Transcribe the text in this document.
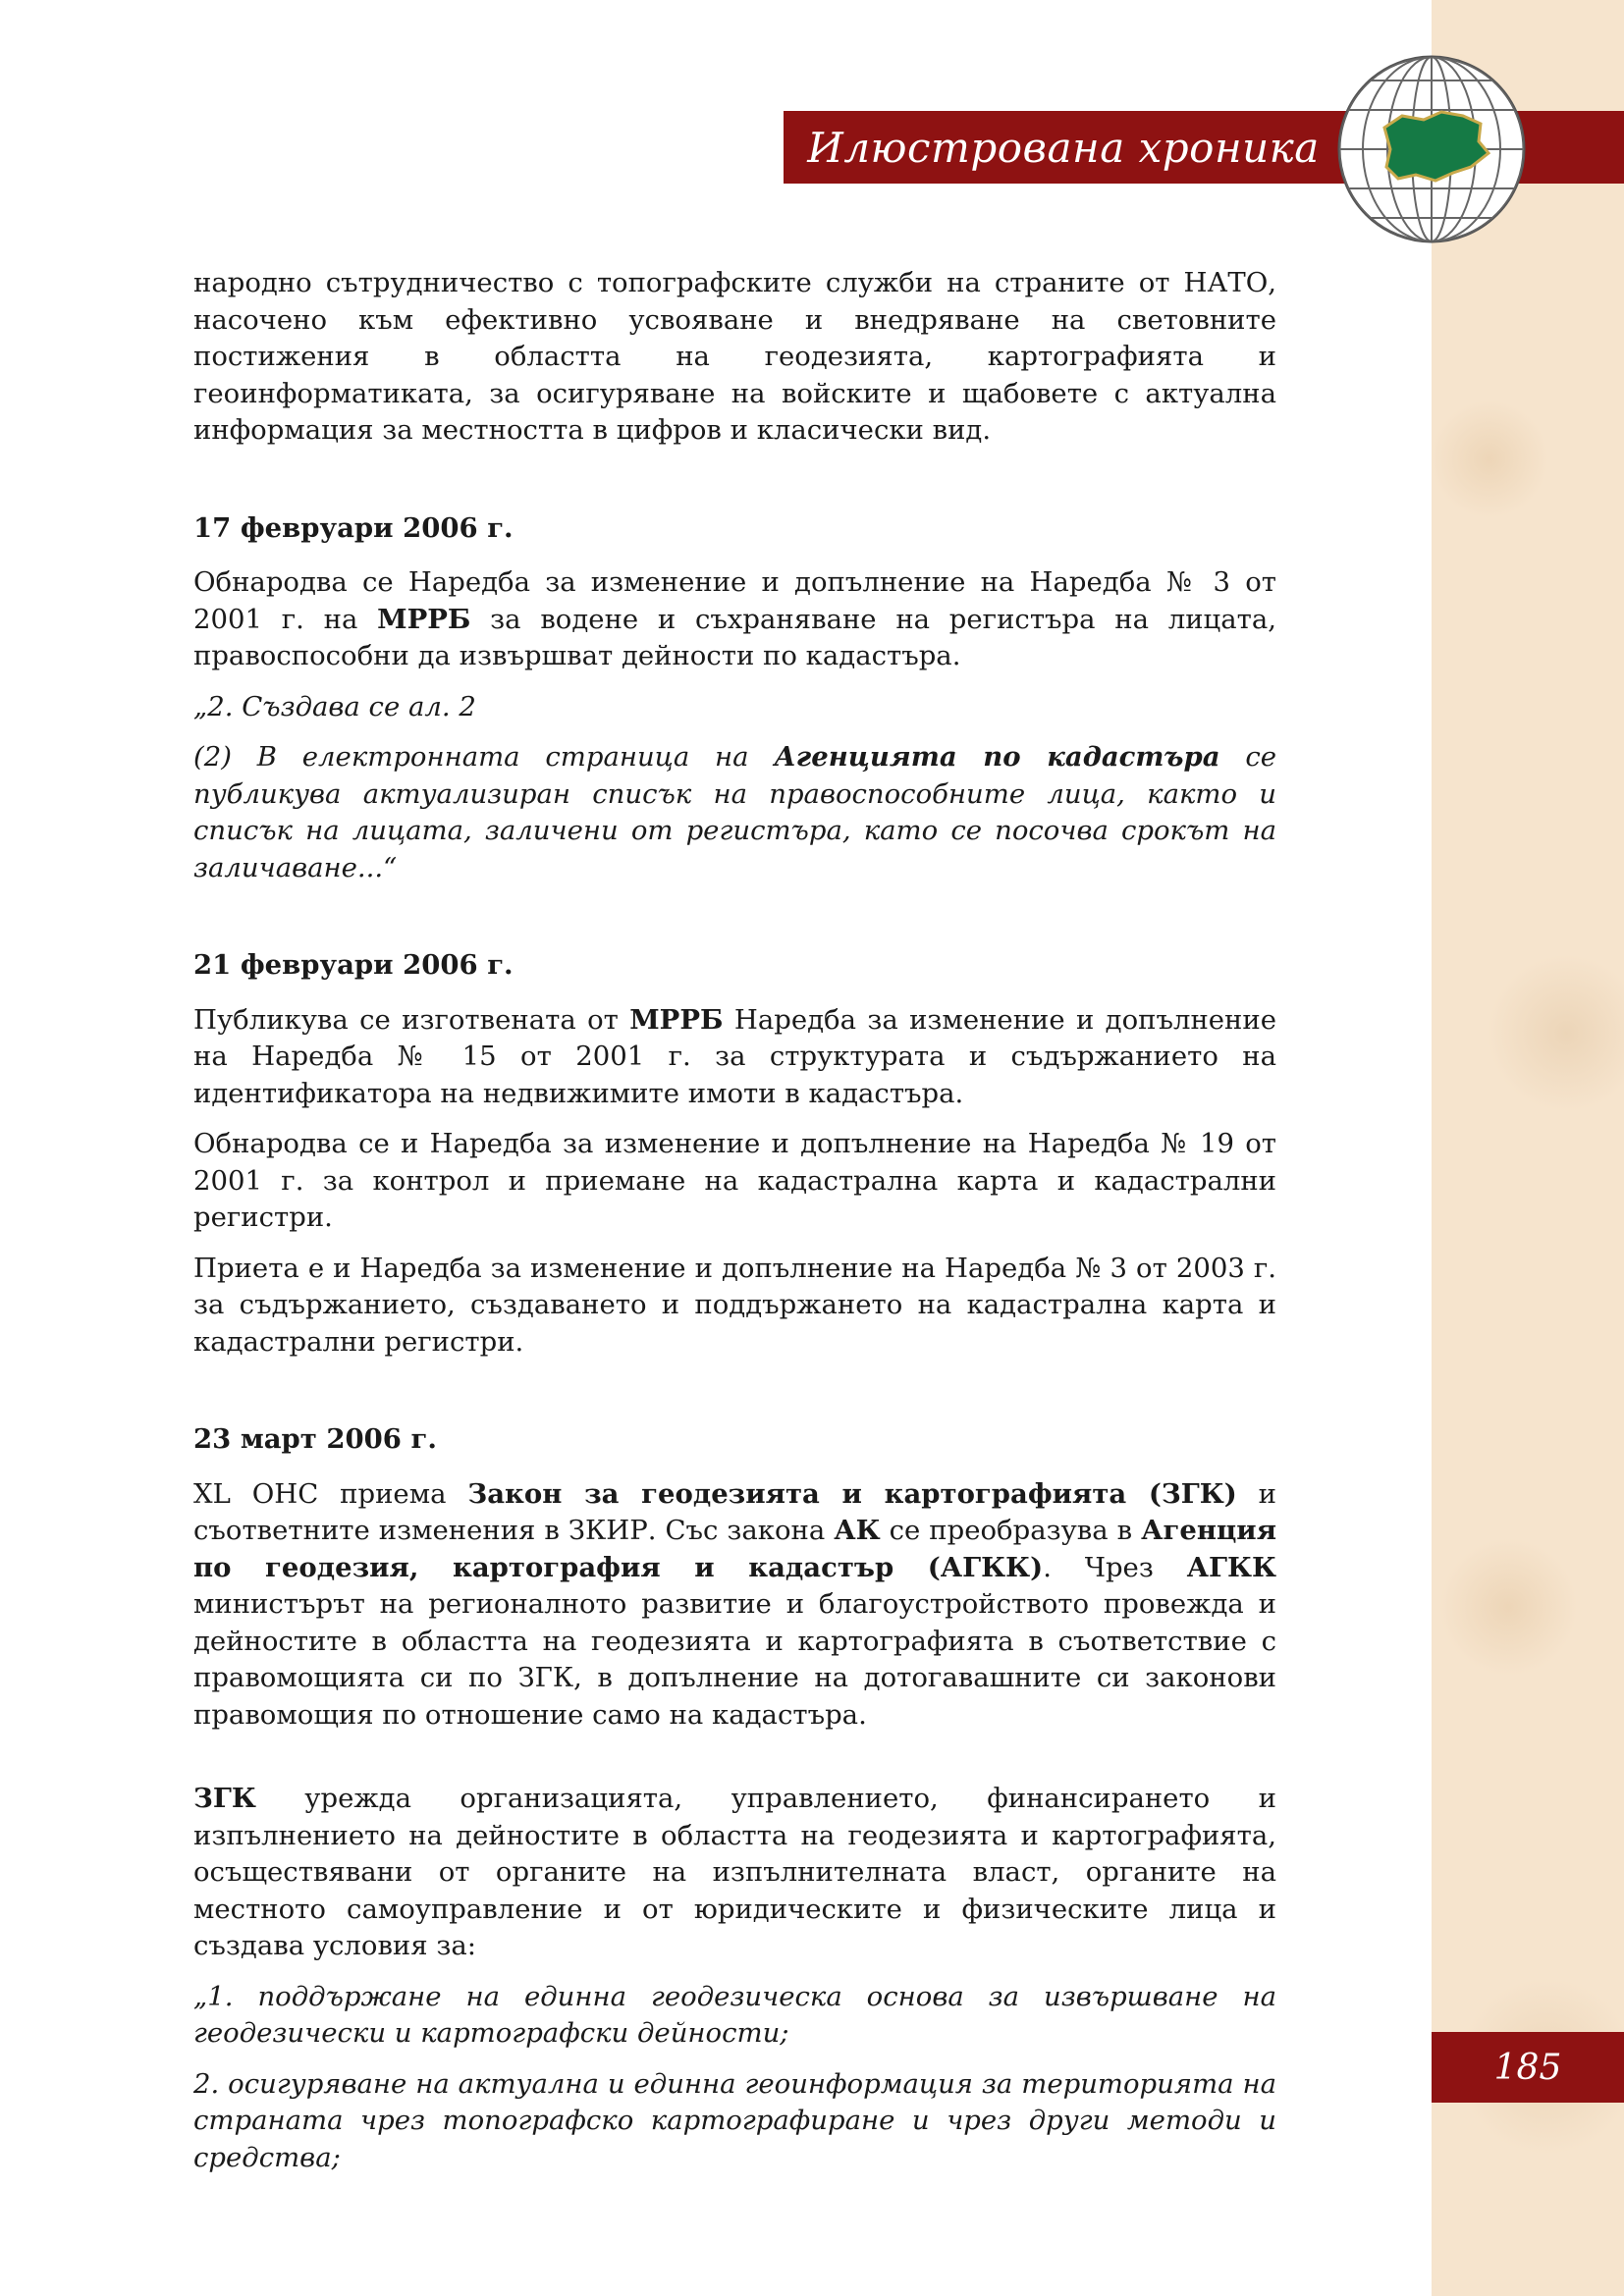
Илюстрована хроника

народно сътрудничество с топографските служби на страните от НАТО, насочено към ефективно усвояване и внедряване на световните постижения в областта на геодезията, картографията и геоинформатиката, за осигуряване на войските и щабовете с актуална информация за местността в цифров и класически вид.

17 февруари 2006 г.

Обнародва се Наредба за изменение и допълнение на Наредба № 3 от 2001 г. на МРРБ за водене и съхраняване на регистъра на лицата, правоспособни да извършват дейности по кадастъра.

„2. Създава се ал. 2

(2) В електронната страница на Агенцията по кадастъра се публикува актуализиран списък на правоспособните лица, както и списък на лицата, заличени от регистъра, като се посочва срокът на заличаване...“

21 февруари 2006 г.

Публикува се изготвената от МРРБ Наредба за изменение и допълнение на Наредба № 15 от 2001 г. за структурата и съдържанието на идентификатора на недвижимите имоти в кадастъра.

Обнародва се и Наредба за изменение и допълнение на Наредба № 19 от 2001 г. за контрол и приемане на кадастрална карта и кадастрални регистри.

Приета е и Наредба за изменение и допълнение на Наредба № 3 от 2003 г. за съдържанието, създаването и поддържането на кадастрална карта и кадастрални регистри.

23 март 2006 г.

XL ОНС приема Закон за геодезията и картографията (ЗГК) и съответните изменения в ЗКИР. Със закона АК се преобразува в Агенция по геодезия, картография и кадастър (АГКК). Чрез АГКК министърът на регионалното развитие и благоустройството провежда и дейностите в областта на геодезията и картографията в съответствие с правомощията си по ЗГК, в допълнение на дотогавашните си законови правомощия по отношение само на кадастъра.

ЗГК урежда организацията, управлението, финансирането и изпълнението на дейностите в областта на геодезията и картографията, осъществявани от органите на изпълнителната власт, органите на местното самоуправление и от юридическите и физическите лица и създава условия за:

„1. поддържане на единна геодезическа основа за извършване на геодезически и картографски дейности;

2. осигуряване на актуална и единна геоинформация за територията на страната чрез топографско картографиране и чрез други методи и средства;

185
